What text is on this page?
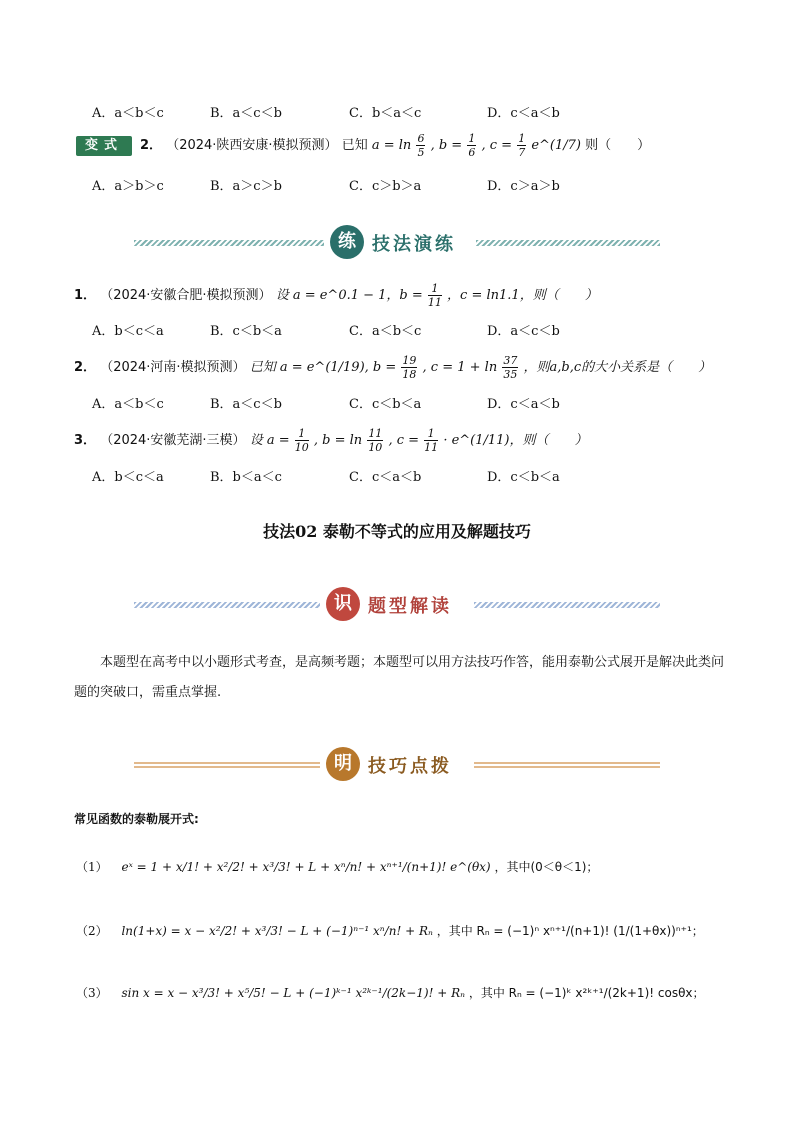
A．a＜b＜c	B．a＜c＜b	C．b＜a＜c	D．c＜a＜b
变式	2． （2024·陕西安康·模拟预测） 已知 $a = \ln \frac{6}{5}$ , $b = \frac{1}{6}$ , $c = \frac{1}{7}$ e^(1/7) 则（　　）
A．a＞b＞c	B．a＞c＞b	C．c＞b＞a	D．c＞a＞b
练 技法演练
1． （2024·安徽合肥·模拟预测） 设 a = e^0.1 − 1，$b = \frac{1}{11}$ ，c = ln1.1，则（　　）
A．b＜c＜a	B．c＜b＜a	C．a＜b＜c	D．a＜c＜b
2． （2024·河南·模拟预测） 已知 a = e^(1/19), $b = \frac{19}{18}$ , $c = 1 + \ln \frac{37}{35}$ ，则a,b,c的大小关系是（　　）
A．a＜b＜c	B．a＜c＜b	C．c＜b＜a	D．c＜a＜b
3． （2024·安徽芜湖·三模） 设 $a = \frac{1}{10}$ , $b = \ln \frac{11}{10}$ , $c = \frac{1}{11}$ · e^(1/11)，则（　　）
A．b＜c＜a	B．b＜a＜c	C．c＜a＜b	D．c＜b＜a
技法02 泰勒不等式的应用及解题技巧
识 题型解读
本题型在高考中以小题形式考查，是高频考题；本题型可以用方法技巧作答，能用泰勒公式展开是解决此类问题的突破口，需重点掌握.
明 技巧点拨
常见函数的泰勒展开式:
（1） eˣ = 1 + x/1! + x²/2! + x³/3! + L + xⁿ/n! + xⁿ⁺¹/(n+1)! e^(θx) ，其中(0＜θ＜1)；
（2） ln(1+x) = x − x²/2! + x³/3! − L + (−1)ⁿ⁻¹ xⁿ/n! + Rₙ ，其中 Rₙ = (−1)ⁿ xⁿ⁺¹/(n+1)! (1/(1+θx))ⁿ⁺¹；
（3） sin x = x − x³/3! + x⁵/5! − L + (−1)ᵏ⁻¹ x²ᵏ⁻¹/(2k−1)! + Rₙ ，其中 Rₙ = (−1)ᵏ x²ᵏ⁺¹/(2k+1)! cosθx；
